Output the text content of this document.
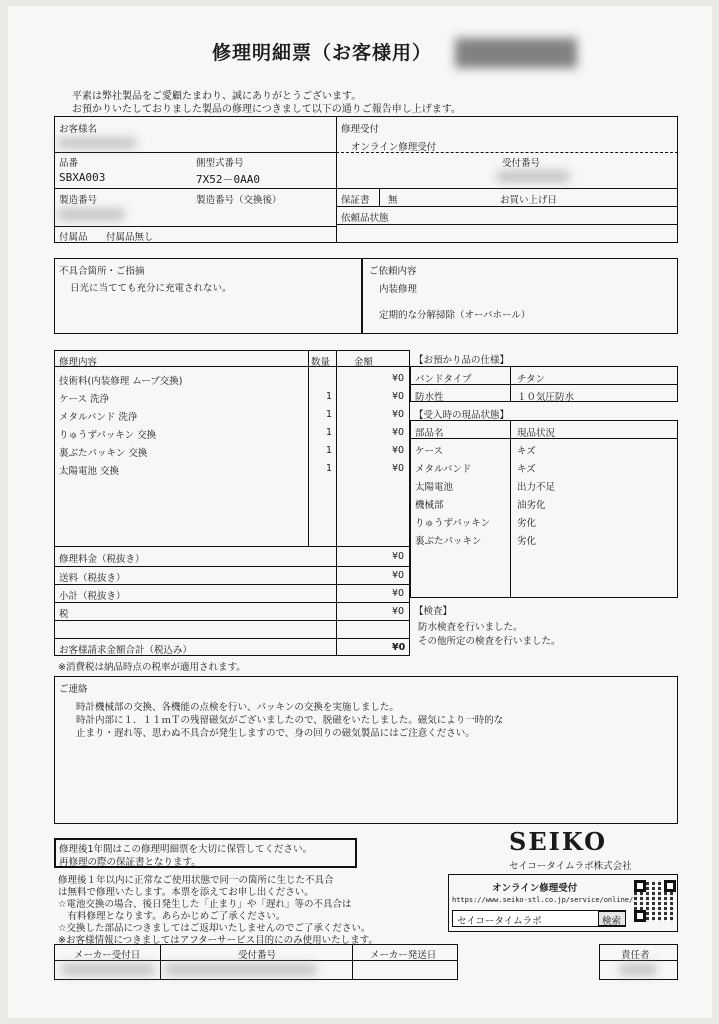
修理明細票（お客様用）
平素は弊社製品をご愛顧たまわり、誠にありがとうございます。
お預かりいたしておりました製品の修理につきまして以下の通りご報告申し上げます。
お客様名	修理受付
オンライン修理受付
品番
SBXA003
側型式番号
7X52－0AA0
受付番号
製造番号	製造番号（交換後）	保証書 無	お買い上げ日
依頼品状態
付属品 付属品無し
不具合箇所・ご指摘
日光に当てても充分に充電されない。
ご依頼内容
内装修理
定期的な分解掃除（オーバホール）
修理内容	数量	金額
技術料(内装修理 ムーブ交換)	¥0
ケース 洗浄	1	¥0
メタルバンド 洗浄	1	¥0
りゅうずパッキン 交換	1	¥0
裏ぶたパッキン 交換	1	¥0
太陽電池 交換	1	¥0
修理料金（税抜き）	¥0
送料（税抜き）	¥0
小計（税抜き）	¥0
税	¥0
お客様請求金額合計（税込み）	¥0
※消費税は納品時点の税率が適用されます。
【お預かり品の仕様】
バンドタイプ	チタン
防水性	１０気圧防水
【受入時の現品状態】
部品名	現品状況
ケース	キズ
メタルバンド	キズ
太陽電池	出力不足
機械部	油劣化
りゅうずパッキン	劣化
裏ぶたパッキン	劣化
【検査】
防水検査を行いました。
その他所定の検査を行いました。
ご連絡
時計機械部の交換、各機能の点検を行い、パッキンの交換を実施しました。
時計内部に１．１１ｍＴの残留磁気がございましたので、脱磁をいたしました。磁気により一時的な
止まり・遅れ等、思わぬ不具合が発生しますので、身の回りの磁気製品にはご注意ください。
修理後1年間はこの修理明細票を大切に保管してください。
再修理の際の保証書となります。
修理後１年以内に正常なご使用状態で同一の箇所に生じた不具合
は無料で修理いたします。本票を添えてお申し出ください。
☆電池交換の場合、後日発生した「止まり」や「遅れ」等の不具合は
　有料修理となります。あらかじめご了承ください。
☆交換した部品につきましてはご返却いたしませんのでご了承ください。
※お客様情報につきましてはアフターサービス目的にのみ使用いたします。
SEIKO
セイコータイムラボ株式会社
オンライン修理受付
https://www.seiko-stl.co.jp/service/online/
セイコータイムラボ	検索
メーカー受付日	受付番号	メーカー発送日	責任者
